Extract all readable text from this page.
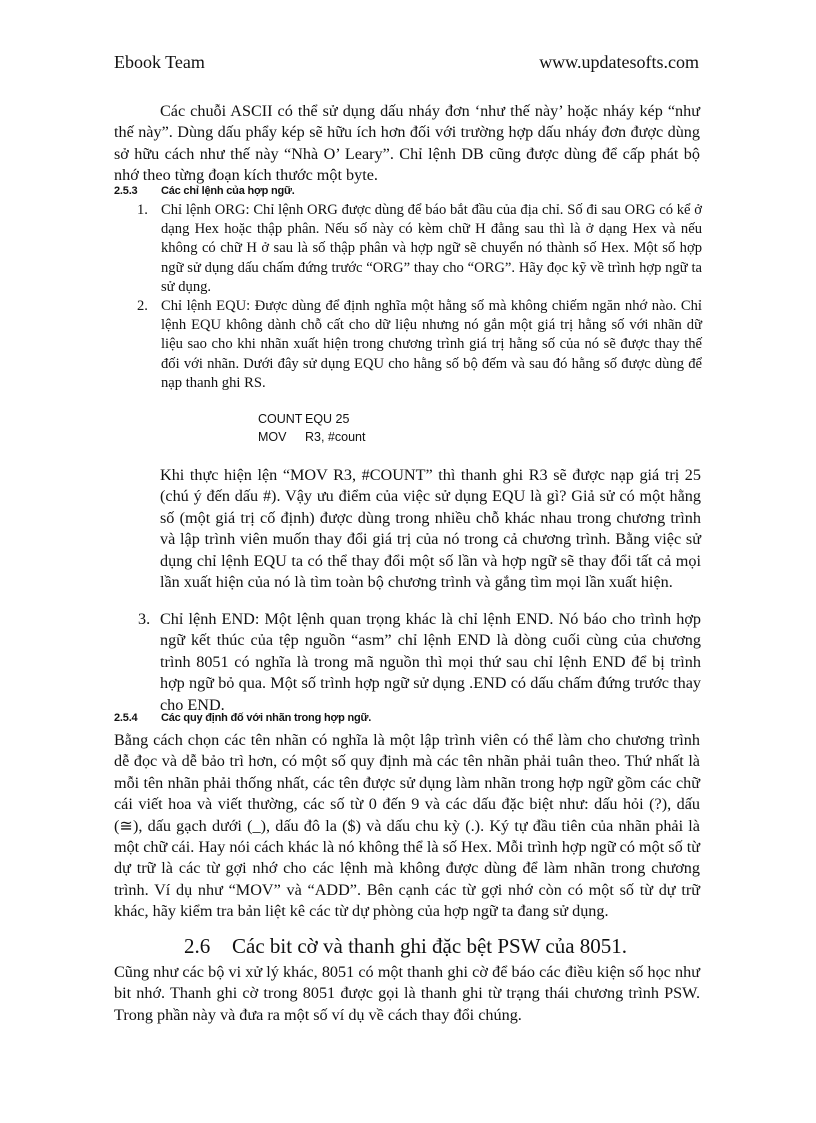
Ebook Team	www.updatesofts.com
Các chuỗi ASCII có thể sử dụng dấu nháy đơn ‘như thế này’ hoặc nháy kép “như thế này”. Dùng dấu phẩy kép sẽ hữu ích hơn đối với trường hợp dấu nháy đơn được dùng sở hữu cách như thế này “Nhà O’ Leary”. Chỉ lệnh DB cũng được dùng để cấp phát bộ nhớ theo từng đoạn kích thước một byte.
2.5.3 Các chỉ lệnh của hợp ngữ.
1. Chỉ lệnh ORG: Chỉ lệnh ORG được dùng để báo bắt đầu của địa chỉ. Số đi sau ORG có kể ở dạng Hex hoặc thập phân. Nếu số này có kèm chữ H đằng sau thì là ở dạng Hex và nếu không có chữ H ở sau là số thập phân và hợp ngữ sẽ chuyển nó thành số Hex. Một số hợp ngữ sử dụng dấu chấm đứng trước “ORG” thay cho “ORG”. Hãy đọc kỹ về trình hợp ngữ ta sử dụng.
2. Chỉ lệnh EQU: Được dùng để định nghĩa một hằng số mà không chiếm ngăn nhớ nào. Chỉ lệnh EQU không dành chỗ cất cho dữ liệu nhưng nó gắn một giá trị hằng số với nhãn dữ liệu sao cho khi nhãn xuất hiện trong chương trình giá trị hằng số của nó sẽ được thay thế đối với nhãn. Dưới đây sử dụng EQU cho hằng số bộ đếm và sau đó hằng số được dùng để nạp thanh ghi RS.
COUNT EQU 25
MOV R3, #count
Khi thực hiện lện “MOV R3, #COUNT” thì thanh ghi R3 sẽ được nạp giá trị 25 (chú ý đến dấu #). Vậy ưu điểm của việc sử dụng EQU là gì? Giả sử có một hằng số (một giá trị cố định) được dùng trong nhiều chỗ khác nhau trong chương trình và lập trình viên muốn thay đổi giá trị của nó trong cả chương trình. Bằng việc sử dụng chỉ lệnh EQU ta có thể thay đổi một số lần và hợp ngữ sẽ thay đổi tất cả mọi lần xuất hiện của nó là tìm toàn bộ chương trình và gắng tìm mọi lần xuất hiện.
3. Chỉ lệnh END: Một lệnh quan trọng khác là chỉ lệnh END. Nó báo cho trình hợp ngữ kết thúc của tệp nguồn “asm” chỉ lệnh END là dòng cuối cùng của chương trình 8051 có nghĩa là trong mã nguồn thì mọi thứ sau chỉ lệnh END để bị trình hợp ngữ bỏ qua. Một số trình hợp ngữ sử dụng .END có dấu chấm đứng trước thay cho END.
2.5.4 Các quy định đố với nhãn trong hợp ngữ.
Bằng cách chọn các tên nhãn có nghĩa là một lập trình viên có thể làm cho chương trình dễ đọc và dễ bảo trì hơn, có một số quy định mà các tên nhãn phải tuân theo. Thứ nhất là mỗi tên nhãn phải thống nhất, các tên được sử dụng làm nhãn trong hợp ngữ gồm các chữ cái viết hoa và viết thường, các số từ 0 đến 9 và các dấu đặc biệt như: dấu hỏi (?), dấu (≅), dấu gạch dưới (_), dấu đô la ($) và dấu chu kỳ (.). Ký tự đầu tiên của nhãn phải là một chữ cái. Hay nói cách khác là nó không thể là số Hex. Mỗi trình hợp ngữ có một số từ dự trữ là các từ gợi nhớ cho các lệnh mà không được dùng để làm nhãn trong chương trình. Ví dụ như “MOV” và “ADD”. Bên cạnh các từ gợi nhớ còn có một số từ dự trữ khác, hãy kiểm tra bản liệt kê các từ dự phòng của hợp ngữ ta đang sử dụng.
2.6 Các bit cờ và thanh ghi đặc bệt PSW của 8051.
Cũng như các bộ vi xử lý khác, 8051 có một thanh ghi cờ để báo các điều kiện số học như bit nhớ. Thanh ghi cờ trong 8051 được gọi là thanh ghi từ trạng thái chương trình PSW. Trong phần này và đưa ra một số ví dụ về cách thay đổi chúng.
